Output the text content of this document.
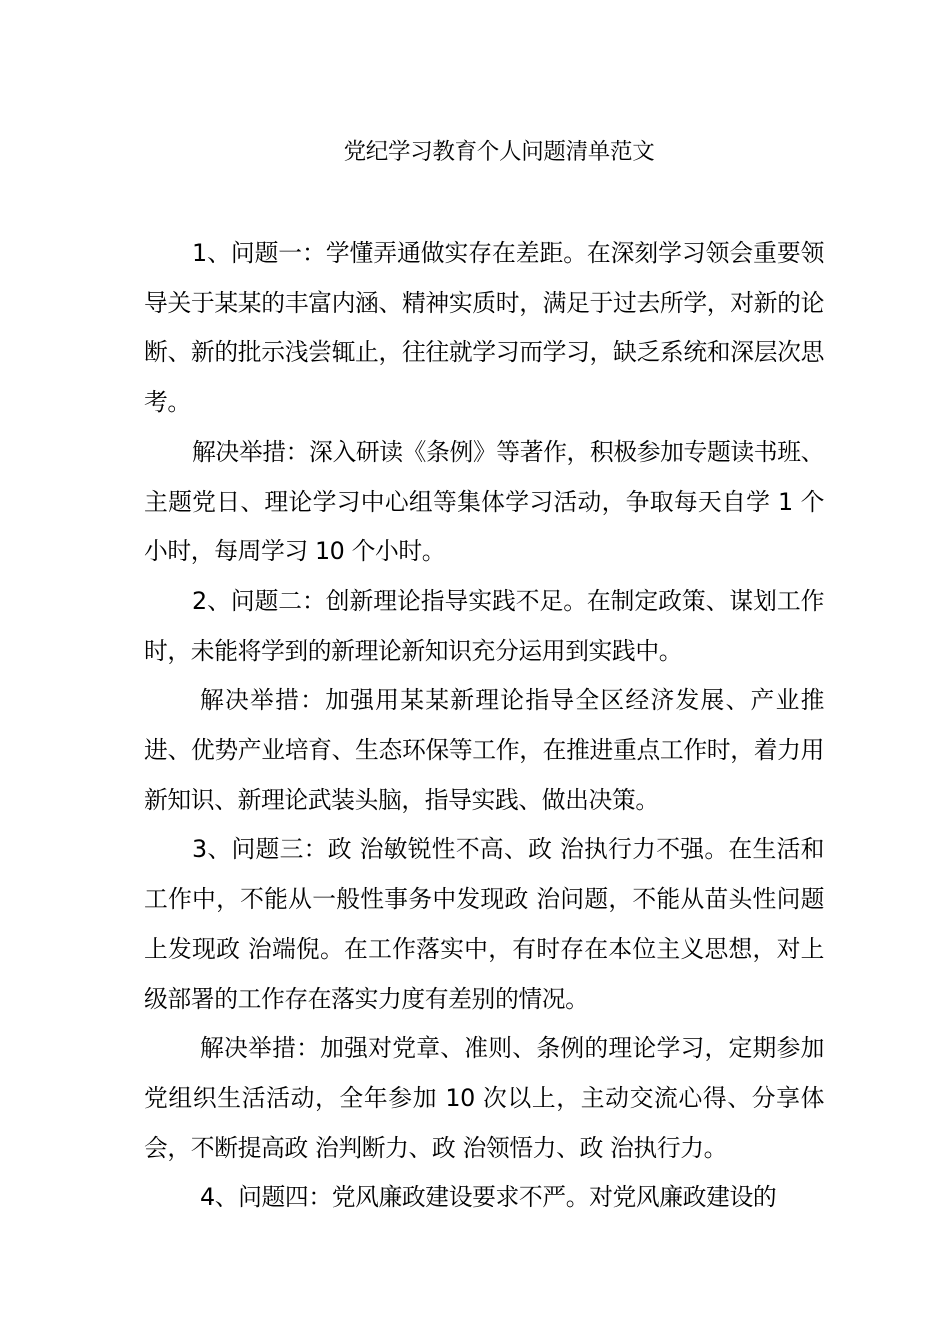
党纪学习教育个人问题清单范文

1、问题一：学懂弄通做实存在差距。在深刻学习领会重要领导关于某某的丰富内涵、精神实质时，满足于过去所学，对新的论断、新的批示浅尝辄止，往往就学习而学习，缺乏系统和深层次思考。

解决举措：深入研读《条例》等著作，积极参加专题读书班、主题党日、理论学习中心组等集体学习活动，争取每天自学 1 个小时，每周学习 10 个小时。

2、问题二：创新理论指导实践不足。在制定政策、谋划工作时，未能将学到的新理论新知识充分运用到实践中。

解决举措：加强用某某新理论指导全区经济发展、产业推进、优势产业培育、生态环保等工作，在推进重点工作时，着力用新知识、新理论武装头脑，指导实践、做出决策。

3、问题三：政 治敏锐性不高、政 治执行力不强。在生活和工作中，不能从一般性事务中发现政 治问题，不能从苗头性问题上发现政 治端倪。在工作落实中，有时存在本位主义思想，对上级部署的工作存在落实力度有差别的情况。

解决举措：加强对党章、准则、条例的理论学习，定期参加党组织生活活动，全年参加 10 次以上，主动交流心得、分享体会，不断提高政 治判断力、政 治领悟力、政 治执行力。

4、问题四：党风廉政建设要求不严。对党风廉政建设的
